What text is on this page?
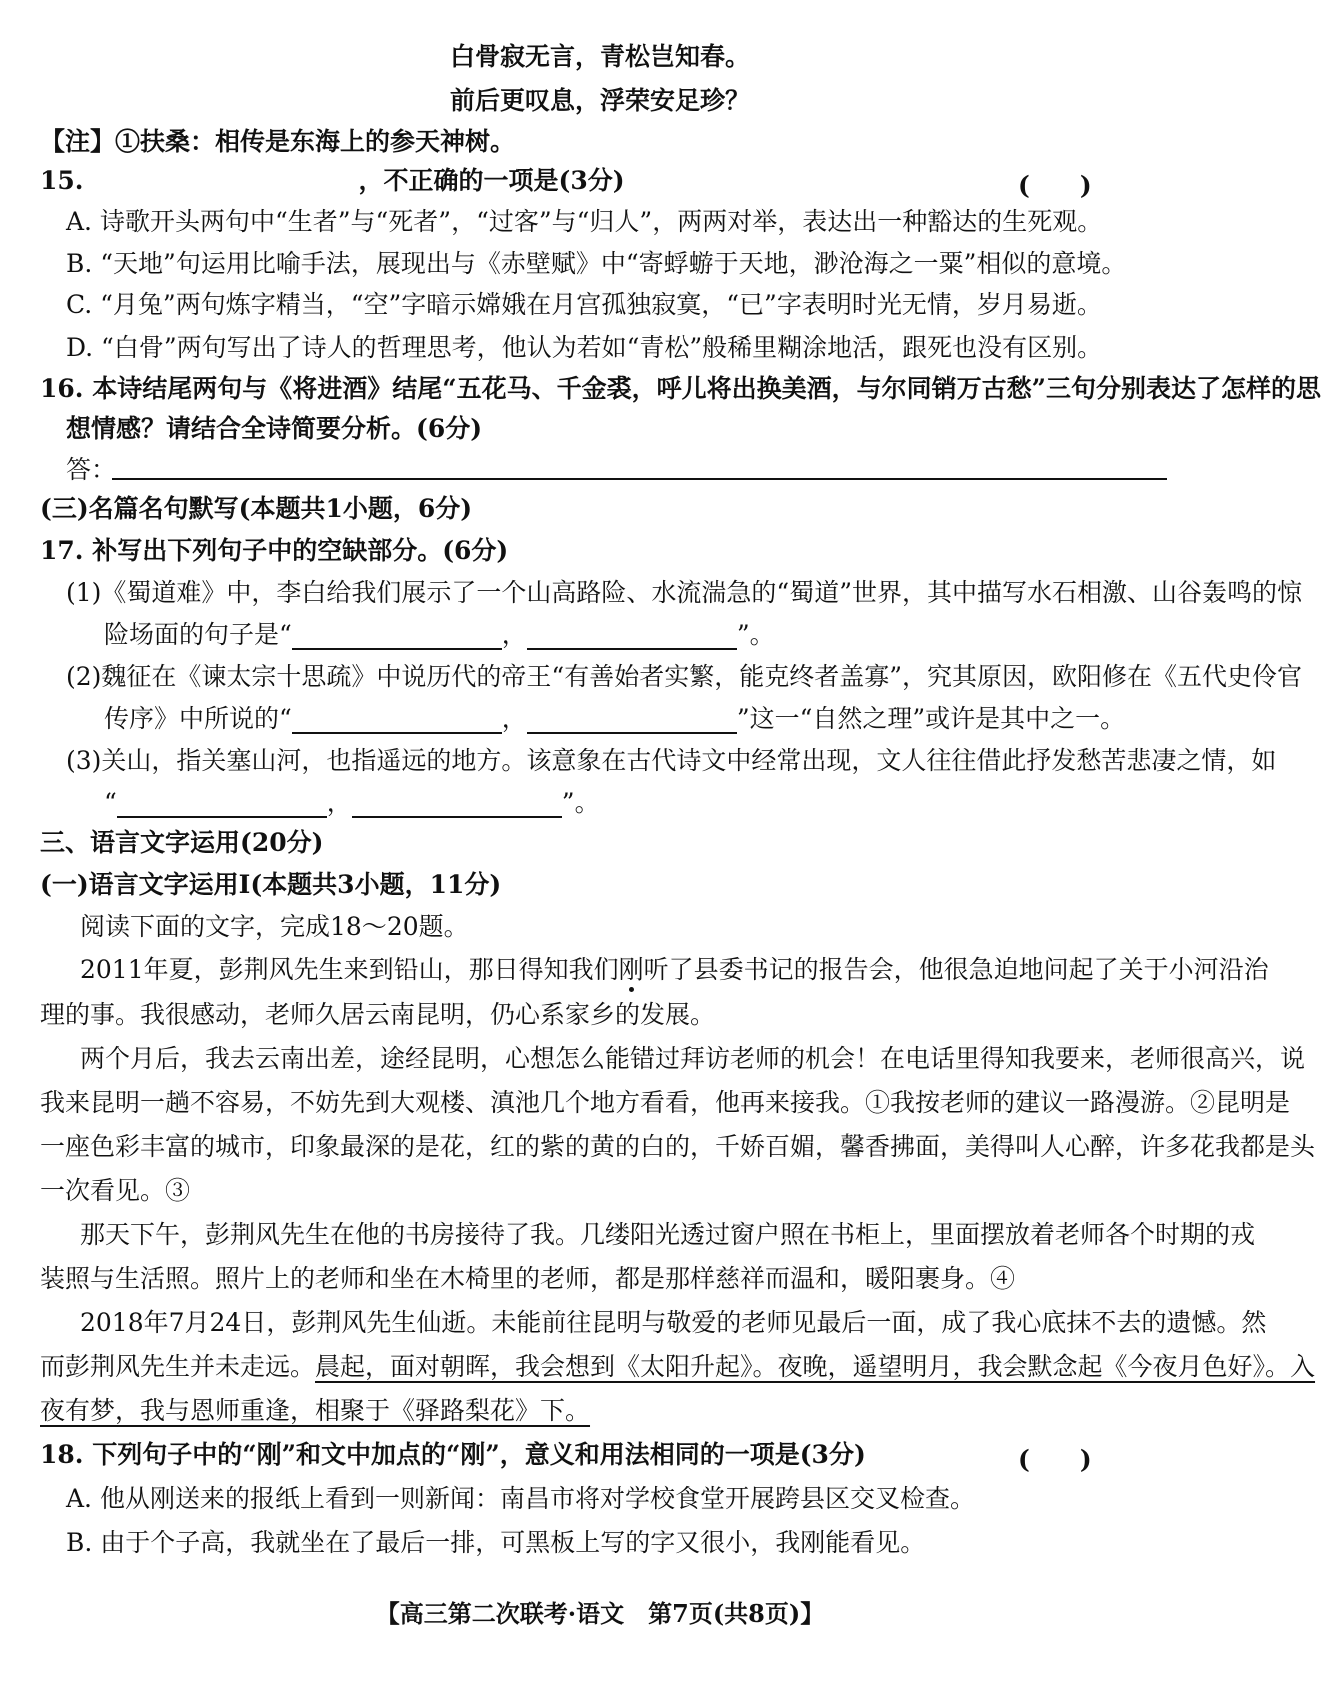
白骨寂无言，青松岂知春。
前后更叹息，浮荣安足珍？
【注】①扶桑：相传是东海上的参天神树。
15.　　　　　　　　　　　，不正确的一项是(3分)	(　　)
A. 诗歌开头两句中“生者”与“死者”，“过客”与“归人”，两两对举，表达出一种豁达的生死观。
B. “天地”句运用比喻手法，展现出与《赤壁赋》中“寄蜉蝣于天地，渺沧海之一粟”相似的意境。
C. “月兔”两句炼字精当，“空”字暗示嫦娥在月宫孤独寂寞，“已”字表明时光无情，岁月易逝。
D. “白骨”两句写出了诗人的哲理思考，他认为若如“青松”般稀里糊涂地活，跟死也没有区别。
16. 本诗结尾两句与《将进酒》结尾“五花马、千金裘，呼儿将出换美酒，与尔同销万古愁”三句分别表达了怎样的思
想情感？请结合全诗简要分析。(6分)
答：
(三)名篇名句默写(本题共1小题，6分)
17. 补写出下列句子中的空缺部分。(6分)
(1)《蜀道难》中，李白给我们展示了一个山高路险、水流湍急的“蜀道”世界，其中描写水石相激、山谷轰鸣的惊
险场面的句子是“	，	”。
(2)魏征在《谏太宗十思疏》中说历代的帝王“有善始者实繁，能克终者盖寡”，究其原因，欧阳修在《五代史伶官
传序》中所说的“	，	”这一“自然之理”或许是其中之一。
(3)关山，指关塞山河，也指遥远的地方。该意象在古代诗文中经常出现，文人往往借此抒发愁苦悲凄之情，如
“	，	”。
三、语言文字运用(20分)
(一)语言文字运用Ⅰ(本题共3小题，11分)
阅读下面的文字，完成18～20题。
2011年夏，彭荆风先生来到铅山，那日得知我们刚听了县委书记的报告会，他很急迫地问起了关于小河沿治
理的事。我很感动，老师久居云南昆明，仍心系家乡的发展。
两个月后，我去云南出差，途经昆明，心想怎么能错过拜访老师的机会！在电话里得知我要来，老师很高兴，说
我来昆明一趟不容易，不妨先到大观楼、滇池几个地方看看，他再来接我。①我按老师的建议一路漫游。②昆明是
一座色彩丰富的城市，印象最深的是花，红的紫的黄的白的，千娇百媚，馨香拂面，美得叫人心醉，许多花我都是头
一次看见。③
那天下午，彭荆风先生在他的书房接待了我。几缕阳光透过窗户照在书柜上，里面摆放着老师各个时期的戎
装照与生活照。照片上的老师和坐在木椅里的老师，都是那样慈祥而温和，暖阳裹身。④
2018年7月24日，彭荆风先生仙逝。未能前往昆明与敬爱的老师见最后一面，成了我心底抹不去的遗憾。然
而彭荆风先生并未走远。晨起，面对朝晖，我会想到《太阳升起》。夜晚，遥望明月，我会默念起《今夜月色好》。入
夜有梦，我与恩师重逢，相聚于《驿路梨花》下。
18. 下列句子中的“刚”和文中加点的“刚”，意义和用法相同的一项是(3分)	(　　)
A. 他从刚送来的报纸上看到一则新闻：南昌市将对学校食堂开展跨县区交叉检查。
B. 由于个子高，我就坐在了最后一排，可黑板上写的字又很小，我刚能看见。
【高三第二次联考·语文　第7页(共8页)】
